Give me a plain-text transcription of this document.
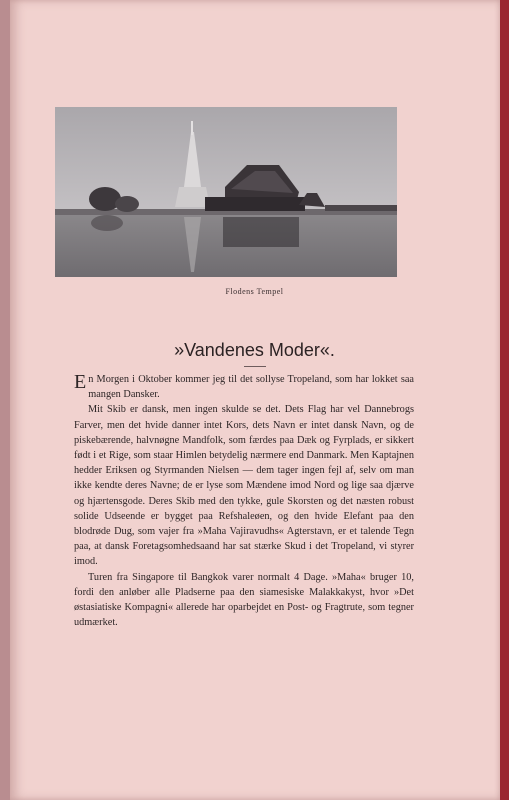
Flodens Tempel
»Vandenes Moder«.

En Morgen i Oktober kommer jeg til det sollyse Tropeland, som har lokket saa mangen Dansker.

Mit Skib er dansk, men ingen skulde se det. Dets Flag har vel Dannebrogs Farver, men det hvide danner intet Kors, dets Navn er intet dansk Navn, og de piskebærende, halvnøgne Mandfolk, som færdes paa Dæk og Fyrplads, er sikkert født i et Rige, som staar Himlen betydelig nærmere end Danmark. Men Kaptajnen hedder Eriksen og Styrmanden Nielsen — dem tager ingen fejl af, selv om man ikke kendte deres Navne; de er lyse som Mændene imod Nord og lige saa djærve og hjærtensgode. Deres Skib med den tykke, gule Skorsten og det næsten robust solide Udseende er bygget paa Refshaleøen, og den hvide Elefant paa den blodrøde Dug, som vajer fra »Maha Vajiravudhs« Agterstavn, er et talende Tegn paa, at dansk Foretagsomhedsaand har sat stærke Skud i det Tropeland, vi styrer imod.

Turen fra Singapore til Bangkok varer normalt 4 Dage. »Maha« bruger 10, fordi den anløber alle Pladserne paa den siamesiske Malakkakyst, hvor »Det østasiatiske Kompagni« allerede har oparbejdet en Post- og Fragtrute, som tegner udmærket.
